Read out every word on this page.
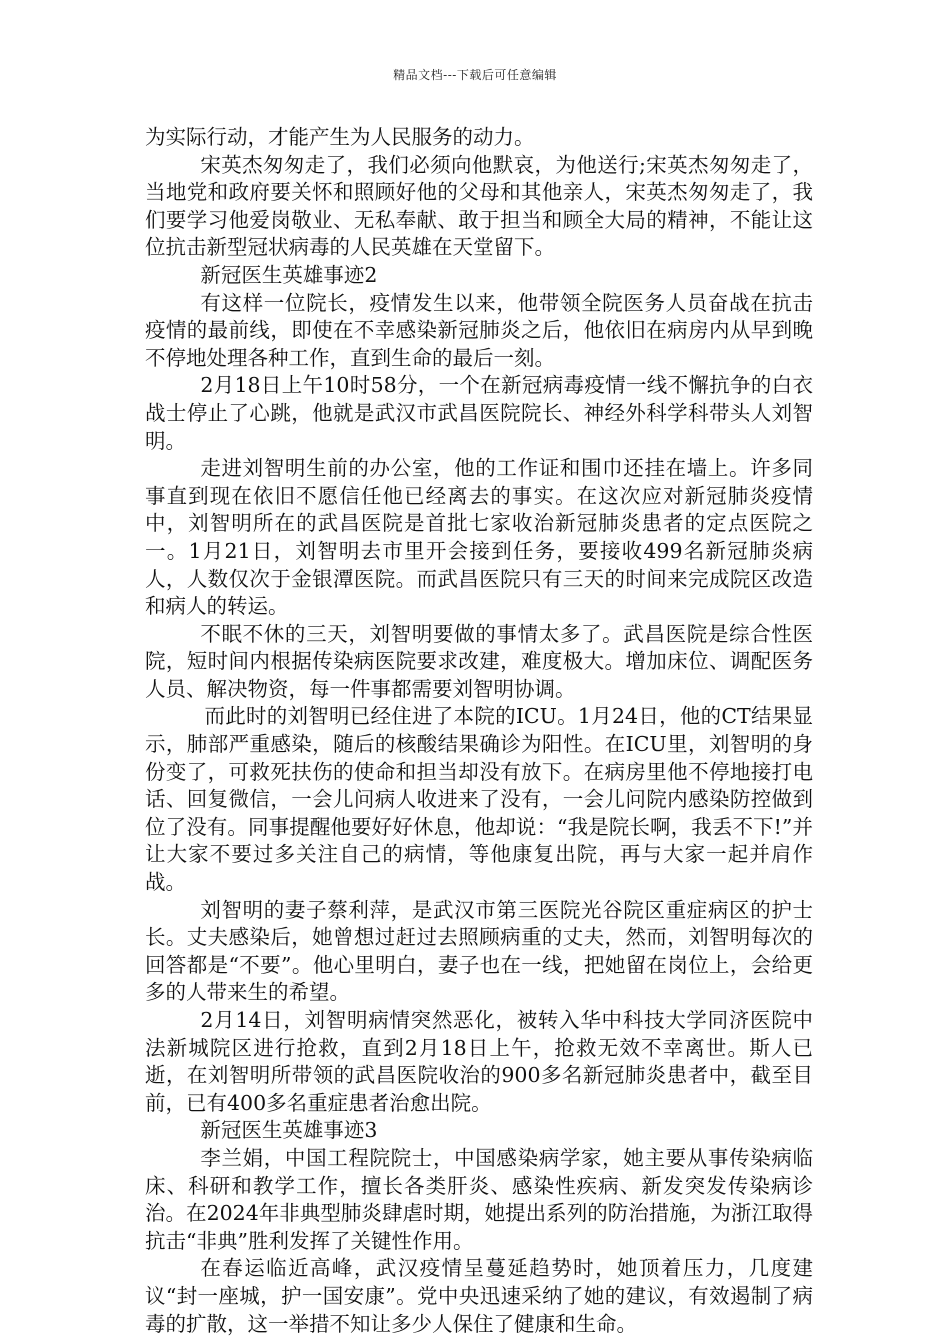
精品文档---下载后可任意编辑

为实际行动，才能产生为人民服务的动力。

宋英杰匆匆走了，我们必须向他默哀，为他送行;宋英杰匆匆走了，当地党和政府要关怀和照顾好他的父母和其他亲人，宋英杰匆匆走了，我们要学习他爱岗敬业、无私奉献、敢于担当和顾全大局的精神，不能让这位抗击新型冠状病毒的人民英雄在天堂留下。

新冠医生英雄事迹2

有这样一位院长，疫情发生以来，他带领全院医务人员奋战在抗击疫情的最前线，即使在不幸感染新冠肺炎之后，他依旧在病房内从早到晚不停地处理各种工作，直到生命的最后一刻。

2月18日上午10时58分，一个在新冠病毒疫情一线不懈抗争的白衣战士停止了心跳，他就是武汉市武昌医院院长、神经外科学科带头人刘智明。

走进刘智明生前的办公室，他的工作证和围巾还挂在墙上。许多同事直到现在依旧不愿信任他已经离去的事实。在这次应对新冠肺炎疫情中，刘智明所在的武昌医院是首批七家收治新冠肺炎患者的定点医院之一。1月21日，刘智明去市里开会接到任务，要接收499名新冠肺炎病人，人数仅次于金银潭医院。而武昌医院只有三天的时间来完成院区改造和病人的转运。

不眠不休的三天，刘智明要做的事情太多了。武昌医院是综合性医院，短时间内根据传染病医院要求改建，难度极大。增加床位、调配医务人员、解决物资，每一件事都需要刘智明协调。

而此时的刘智明已经住进了本院的ICU。1月24日，他的CT结果显示，肺部严重感染，随后的核酸结果确诊为阳性。在ICU里，刘智明的身份变了，可救死扶伤的使命和担当却没有放下。在病房里他不停地接打电话、回复微信，一会儿问病人收进来了没有，一会儿问院内感染防控做到位了没有。同事提醒他要好好休息，他却说：“我是院长啊，我丢不下!”并让大家不要过多关注自己的病情，等他康复出院，再与大家一起并肩作战。

刘智明的妻子蔡利萍，是武汉市第三医院光谷院区重症病区的护士长。丈夫感染后，她曾想过赶过去照顾病重的丈夫，然而，刘智明每次的回答都是“不要”。他心里明白，妻子也在一线，把她留在岗位上，会给更多的人带来生的希望。

2月14日，刘智明病情突然恶化，被转入华中科技大学同济医院中法新城院区进行抢救，直到2月18日上午，抢救无效不幸离世。斯人已逝，在刘智明所带领的武昌医院收治的900多名新冠肺炎患者中，截至目前，已有400多名重症患者治愈出院。

新冠医生英雄事迹3

李兰娟，中国工程院院士，中国感染病学家，她主要从事传染病临床、科研和教学工作，擅长各类肝炎、感染性疾病、新发突发传染病诊治。在2024年非典型肺炎肆虐时期，她提出系列的防治措施，为浙江取得抗击“非典”胜利发挥了关键性作用。

在春运临近高峰，武汉疫情呈蔓延趋势时，她顶着压力，几度建议“封一座城，护一国安康”。党中央迅速采纳了她的建议，有效遏制了病毒的扩散，这一举措不知让多少人保住了健康和生命。
